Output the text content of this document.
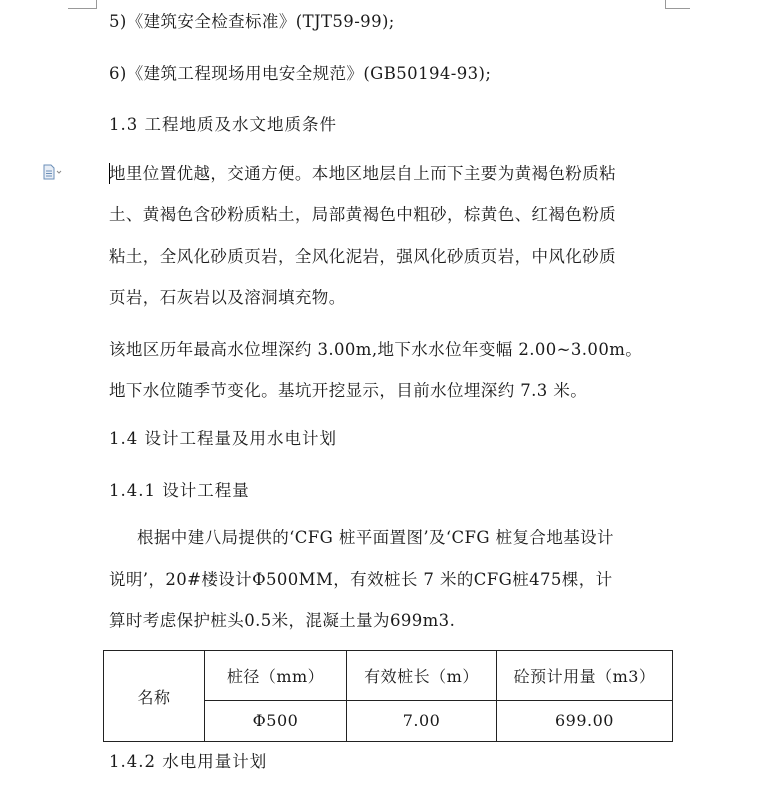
5)《建筑安全检查标准》(TJT59-99);
6)《建筑工程现场用电安全规范》(GB50194-93);
1.3 工程地质及水文地质条件
地里位置优越，交通方便。本地区地层自上而下主要为黄褐色粉质粘
土、黄褐色含砂粉质粘土，局部黄褐色中粗砂，棕黄色、红褐色粉质
粘土，全风化砂质页岩，全风化泥岩，强风化砂质页岩，中风化砂质
页岩，石灰岩以及溶洞填充物。
该地区历年最高水位埋深约 3.00m,地下水水位年变幅 2.00~3.00m。
地下水位随季节变化。基坑开挖显示，目前水位埋深约 7.3 米。
1.4 设计工程量及用水电计划
1.4.1 设计工程量
根据中建八局提供的‘CFG 桩平面置图’及‘CFG 桩复合地基设计
说明’，20#楼设计Φ500MM，有效桩长 7 米的CFG桩475棵，计
算时考虑保护桩头0.5米，混凝土量为699m3.
名称	桩径（mm）	有效桩长（m）	砼预计用量（m3）
	Φ500	7.00	699.00
1.4.2 水电用量计划
